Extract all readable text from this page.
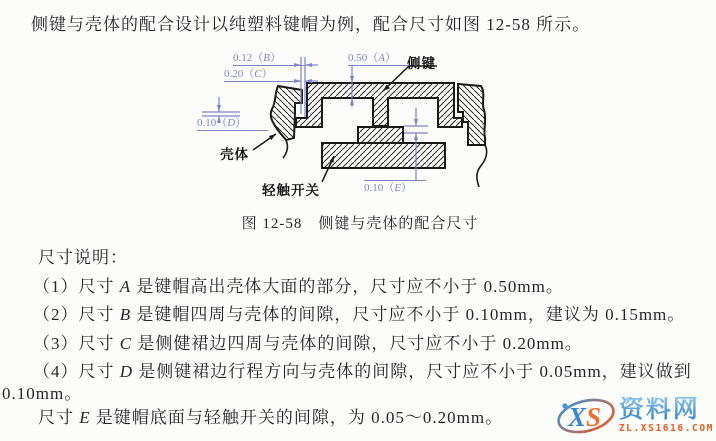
0.12（B）
0.20（C）
0.50（A）
0.10（D）
0.10（E）
侧键
壳体
轻触开关
图 12-58　侧键与壳体的配合尺寸
侧键与壳体的配合设计以纯塑料键帽为例，配合尺寸如图 12-58 所示。
尺寸说明：
（1）尺寸 A 是键帽高出壳体大面的部分，尺寸应不小于 0.50mm。
（2）尺寸 B 是键帽四周与壳体的间隙，尺寸应不小于 0.10mm，建议为 0.15mm。
（3）尺寸 C 是侧健裙边四周与壳体的间隙，尺寸应不小于 0.20mm。
（4）尺寸 D 是侧键裙边行程方向与壳体的间隙，尺寸应不小于 0.05mm，建议做到
0.10mm。
尺寸 E 是键帽底面与轻触开关的间隙，为 0.05～0.20mm。 XS 资料网
ZL.XS1616.COM
